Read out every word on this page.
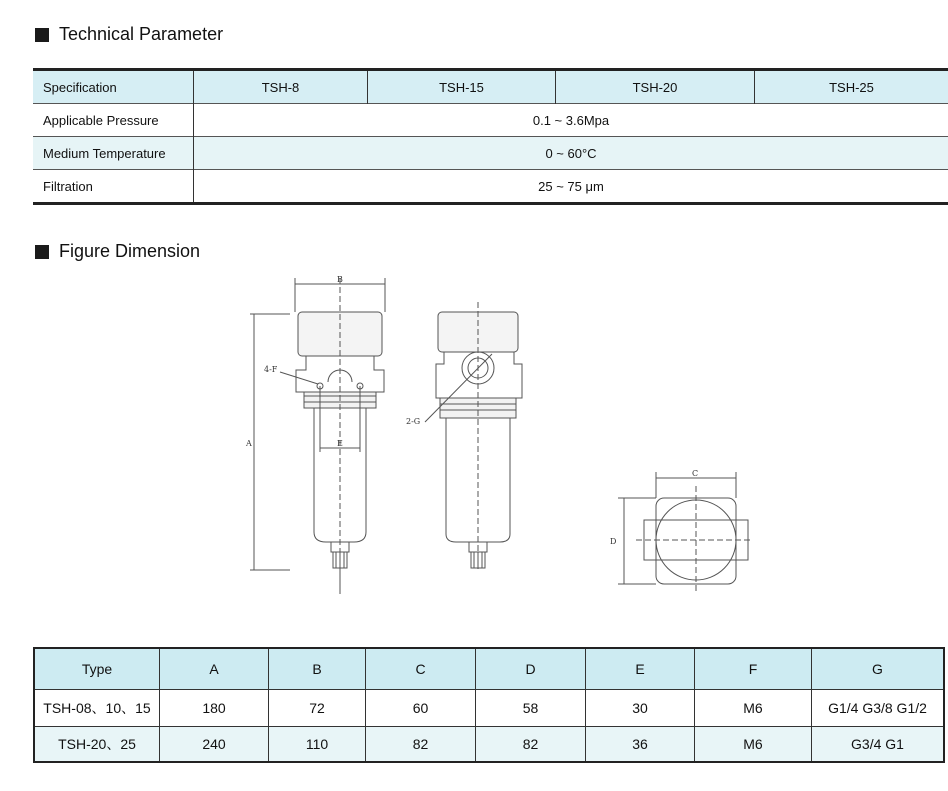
Technical Parameter
Specification	TSH-8	TSH-15	TSH-20	TSH-25
Applicable Pressure	0.1 ~ 3.6Mpa			
Medium Temperature	0 ~ 60°C			
Filtration	25 ~ 75 μm			
Figure Dimension
B
A	E
4-F
2-G
C
D
Type	A	B	C	D	E	F	G
TSH-08、10、15	180	72	60	58	30	M6	G1/4 G3/8 G1/2
TSH-20、25	240	110	82	82	36	M6	G3/4 G1
